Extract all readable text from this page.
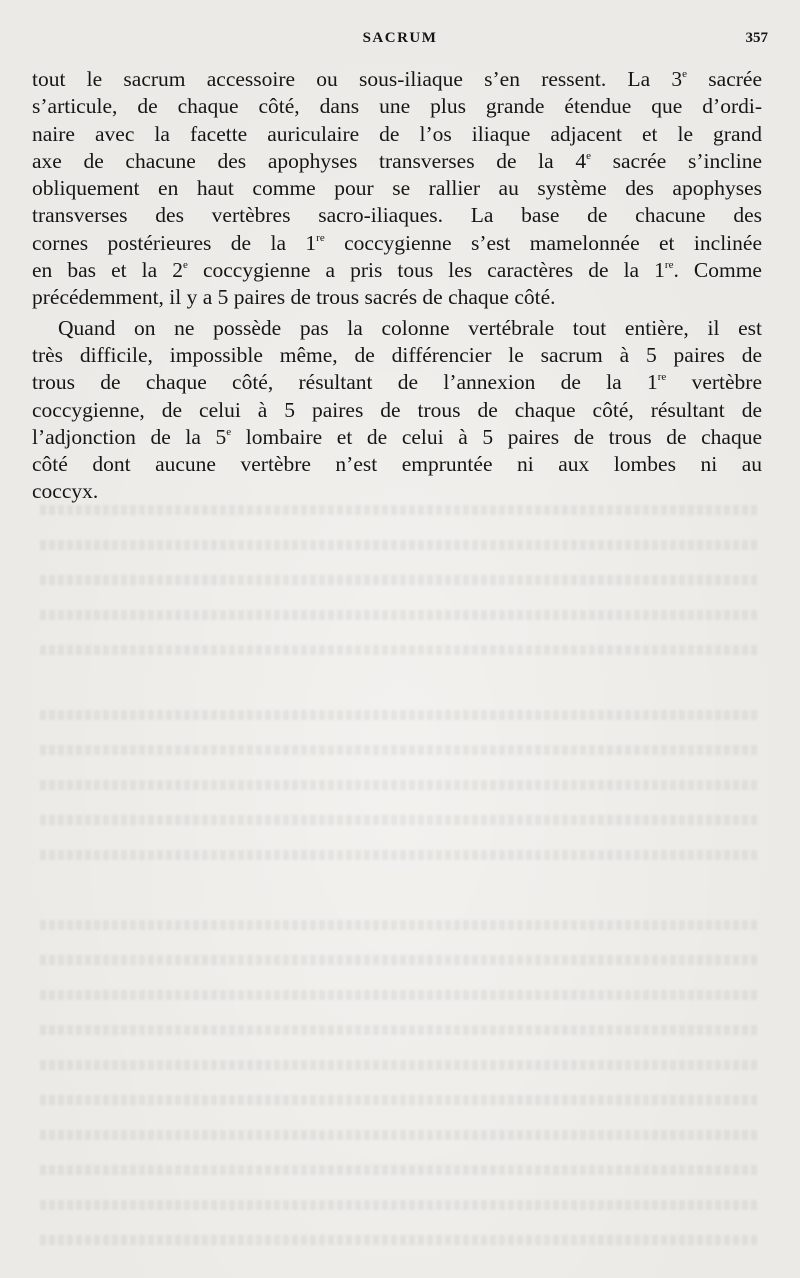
SACRUM	357
tout le sacrum accessoire ou sous-iliaque s’en ressent. La 3e sacrée
s’articule, de chaque côté, dans une plus grande étendue que d’ordi-
naire avec la facette auriculaire de l’os iliaque adjacent et le grand
axe de chacune des apophyses transverses de la 4e sacrée s’incline
obliquement en haut comme pour se rallier au système des apophyses
transverses des vertèbres sacro-iliaques. La base de chacune des
cornes postérieures de la 1re coccygienne s’est mamelonnée et inclinée
en bas et la 2e coccygienne a pris tous les caractères de la 1re. Comme
précédemment, il y a 5 paires de trous sacrés de chaque côté.
Quand on ne possède pas la colonne vertébrale tout entière, il est
très difficile, impossible même, de différencier le sacrum à 5 paires de
trous de chaque côté, résultant de l’annexion de la 1re vertèbre
coccygienne, de celui à 5 paires de trous de chaque côté, résultant de
l’adjonction de la 5e lombaire et de celui à 5 paires de trous de chaque
côté dont aucune vertèbre n’est empruntée ni aux lombes ni au
coccyx.
